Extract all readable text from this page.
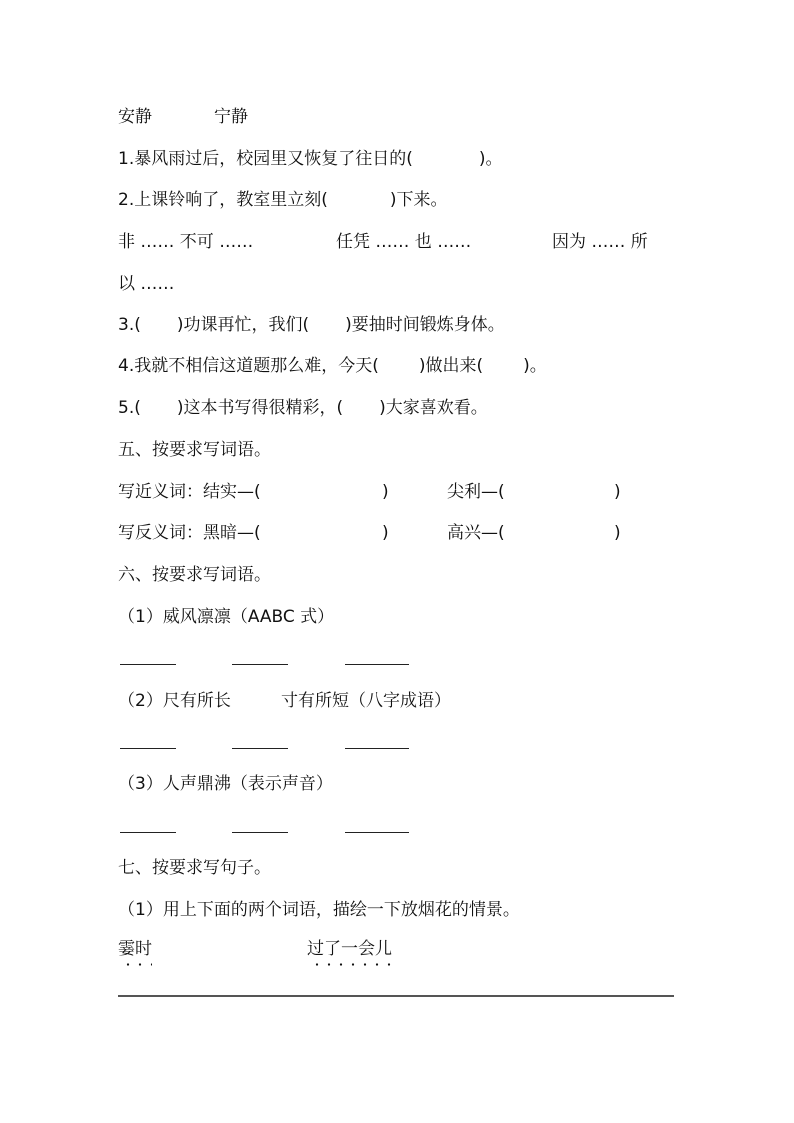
安静	宁静
1.暴风雨过后，校园里又恢复了往日的(	)。
2.上课铃响了，教室里立刻(	)下来。
非 …… 不可 ……	任凭 …… 也 ……	因为 …… 所
以 ……
3.( )功课再忙，我们( )要抽时间锻炼身体。
4.我就不相信这道题那么难，今天( )做出来( )。
5.( )这本书写得很精彩，( )大家喜欢看。
五、按要求写词语。
写近义词：结实—(	)	尖利—(	)
写反义词：黑暗—(	)	高兴—(	)
六、按要求写词语。
（1）威风凛凛（AABC 式）
（2）尺有所长	寸有所短（八字成语）
（3）人声鼎沸（表示声音）
七、按要求写句子。
（1）用上下面的两个词语，描绘一下放烟花的情景。
霎时	过了一会儿
